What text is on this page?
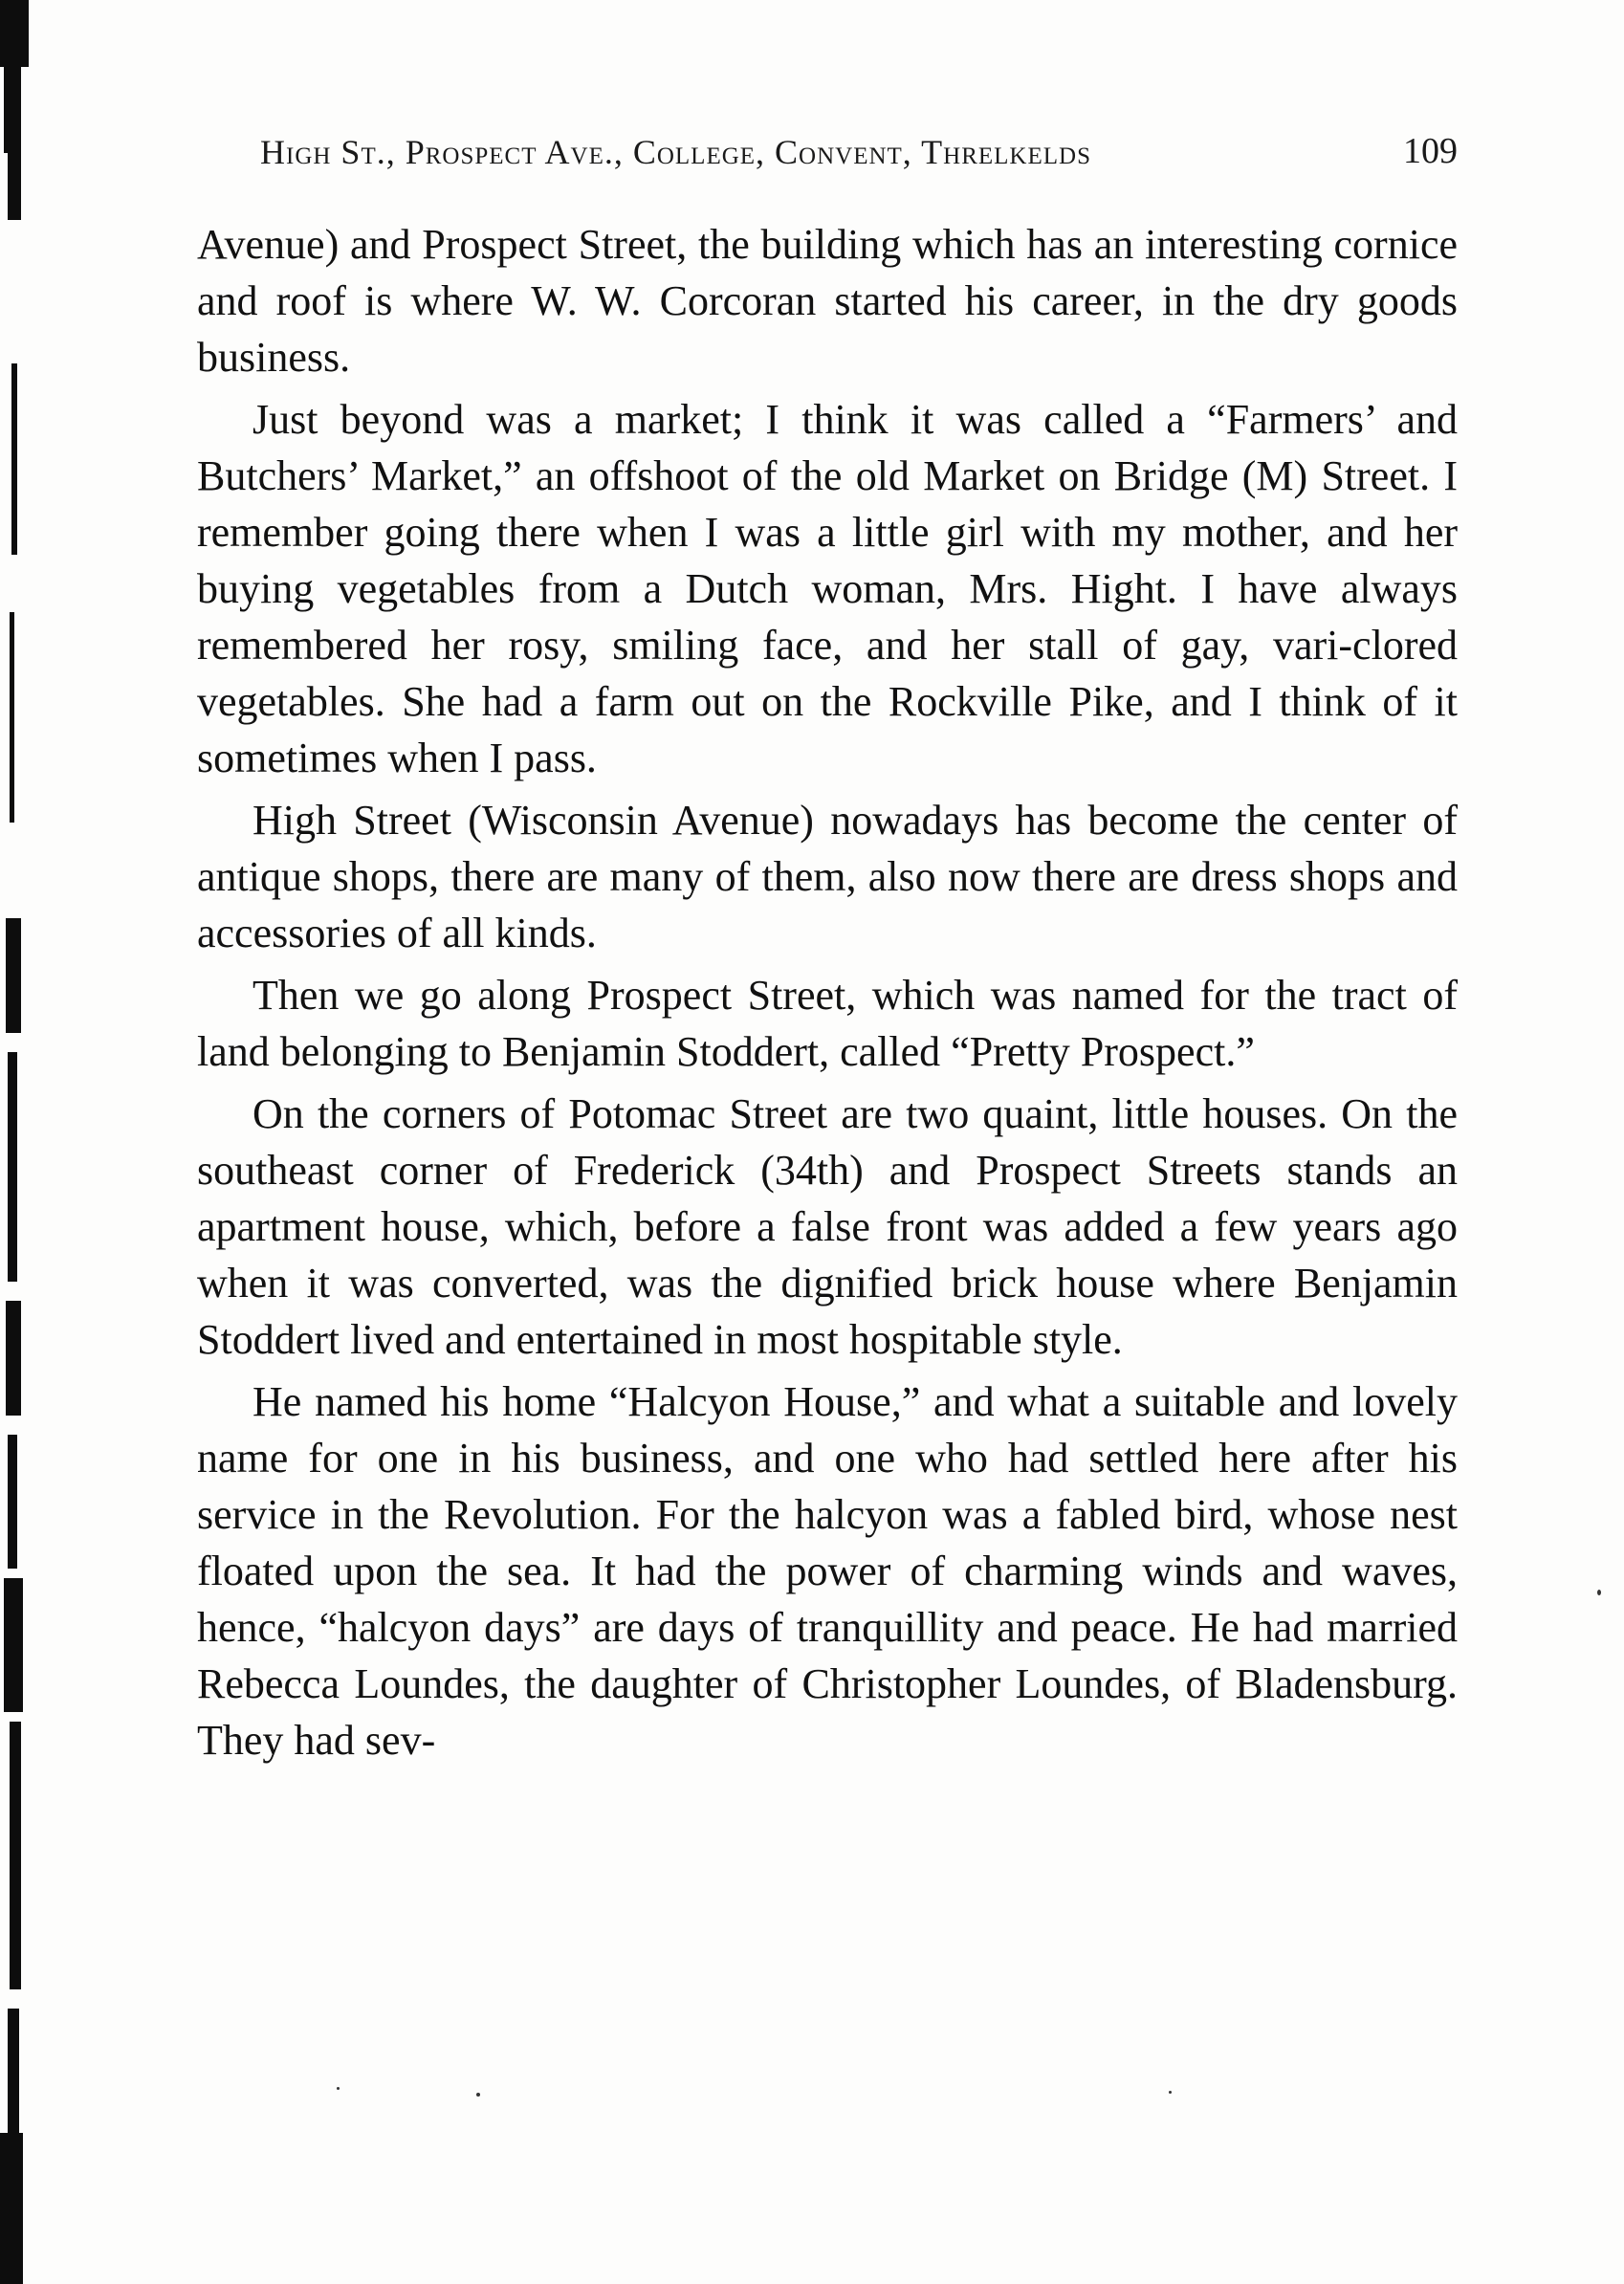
High St., Prospect Ave., College, Convent, Threlkelds	109

Avenue) and Prospect Street, the building which has an interesting cornice and roof is where W. W. Corcoran started his career, in the dry goods business.

Just beyond was a market; I think it was called a “Farmers’ and Butchers’ Market,” an offshoot of the old Market on Bridge (M) Street. I remember going there when I was a little girl with my mother, and her buying vegetables from a Dutch woman, Mrs. Hight. I have always remembered her rosy, smiling face, and her stall of gay, vari-clored vegetables. She had a farm out on the Rockville Pike, and I think of it sometimes when I pass.

High Street (Wisconsin Avenue) nowadays has become the center of antique shops, there are many of them, also now there are dress shops and accessories of all kinds.

Then we go along Prospect Street, which was named for the tract of land belonging to Benjamin Stoddert, called “Pretty Prospect.”

On the corners of Potomac Street are two quaint, little houses. On the southeast corner of Frederick (34th) and Prospect Streets stands an apartment house, which, before a false front was added a few years ago when it was converted, was the dignified brick house where Benjamin Stoddert lived and entertained in most hospitable style.

He named his home “Halcyon House,” and what a suitable and lovely name for one in his business, and one who had settled here after his service in the Revolution. For the halcyon was a fabled bird, whose nest floated upon the sea. It had the power of charming winds and waves, hence, “halcyon days” are days of tranquillity and peace. He had married Rebecca Loundes, the daughter of Christopher Loundes, of Bladensburg. They had sev-
